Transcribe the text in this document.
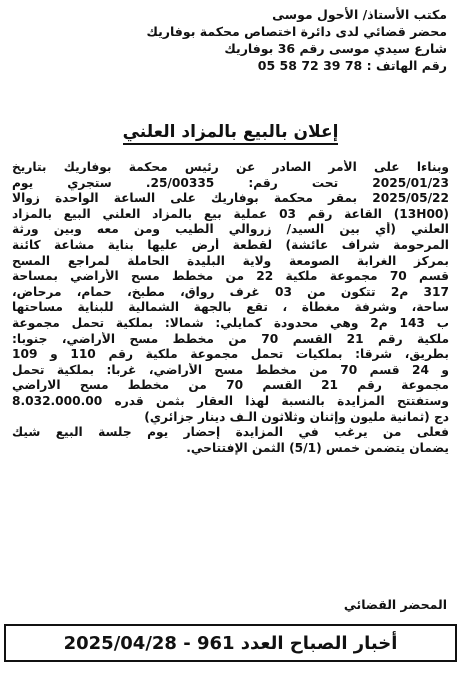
مكتب الأستاذ/ الأحول موسى
محضر قضائي لدى دائرة اختصاص محكمة بوفاريك
شارع سيدي موسى رقم 36 بوفاريك
رقم الهاتف : 78 39 72 58 05
إعلان بالبيع بالمزاد العلني
وبناءا على الأمر الصادر عن رئيس محكمة بوفاريك بتاريخ
2025/01/23 تحت رقم: 25/00335. ستجري يوم
2025/05/22 بمقر محكمة بوفاريك على الساعة الواحدة زوالا
(13H00) القاعة رقم 03 عملية بيع بالمزاد العلني البيع بالمزاد
العلني (أي بين السيد/ زروالي الطيب ومن معه وبين ورثة
المرحومة شراف عائشة) لقطعة أرض عليها بناية مشاعة كائنة
بمركز الغرابة الصومعة ولاية البليدة الحاملة لمراجع المسح
قسم 70 مجموعة ملكية 22 من مخطط مسح الأراضي بمساحة
317 م2 تتكون من 03 غرف رواق، مطبخ، حمام، مرحاض،
ساحة، وشرفة مغطاة ، تقع بالجهة الشمالية للبناية مساحتها
ب 143 م2 وهي محدودة كمايلي: شمالا: بملكية تحمل مجموعة
ملكية رقم 21 القسم 70 من مخطط مسح الأراضي، جنوبا:
بطريق، شرقا: بملكيات تحمل مجموعة ملكية رقم 110 و 109
و 24 قسم 70 من مخطط مسح الأراضي، غربا: بملكية تحمل
مجموعة رقم 21 القسم 70 من مخطط مسح الاراضي
وستفتتح المزايدة بالنسبة لهذا العقار بثمن قدره 8.032.000.00
دج (ثمانية مليون وإثنان وثلاثون الـف دينار جزائري)
فعلى من يرغب في المزايدة إحضار يوم جلسة البيع شيك
يضمان يتضمن خمس (5/1) الثمن الإفتتاحي.
المحضر القضائي
أخبار الصباح العدد 961 - 2025/04/28
